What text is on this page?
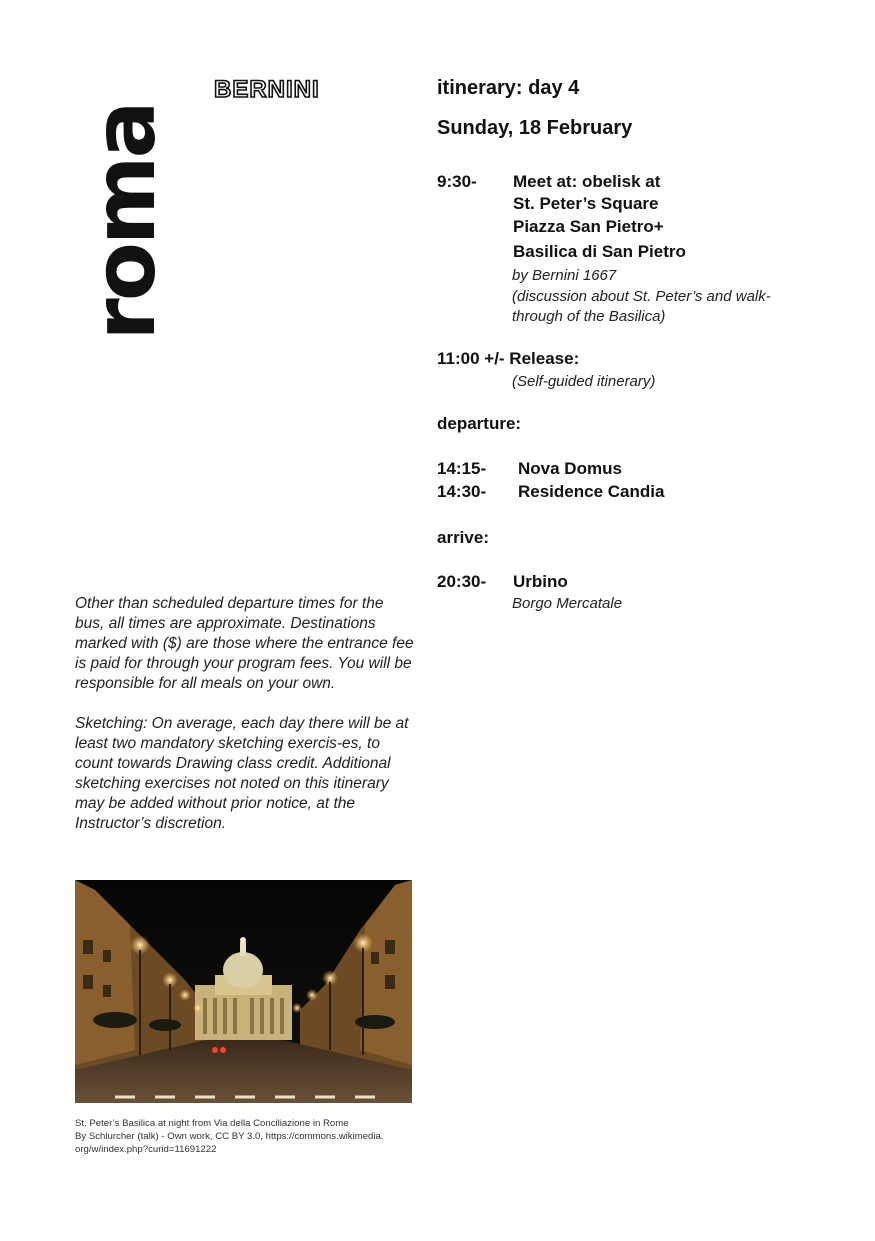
roma
BERNINI	itinerary: day 4
Sunday, 18 February
9:30- Meet at: obelisk at
St. Peter’s Square
Piazza San Pietro+
Basilica di San Pietro
by Bernini 1667
(discussion about St. Peter’s and walk-
through of the Basilica)
11:00 +/- Release:
(Self-guided itinerary)
departure:
14:15- Nova Domus
14:30- Residence Candia
arrive:
20:30- Urbino
Borgo Mercatale

Other than scheduled departure times for the bus, all times are approximate. Destinations marked with ($) are those where the entrance fee is paid for through your program fees. You will be responsible for all meals on your own.

Sketching: On average, each day there will be at least two mandatory sketching exercis-es, to count towards Drawing class credit. Additional sketching exercises not noted on this itinerary may be added without prior notice, at the Instructor’s discretion.

St. Peter’s Basilica at night from Via della Conciliazione in Rome
By Schlurcher (talk) - Own work, CC BY 3.0, https://commons.wikimedia.
org/w/index.php?curid=11691222
